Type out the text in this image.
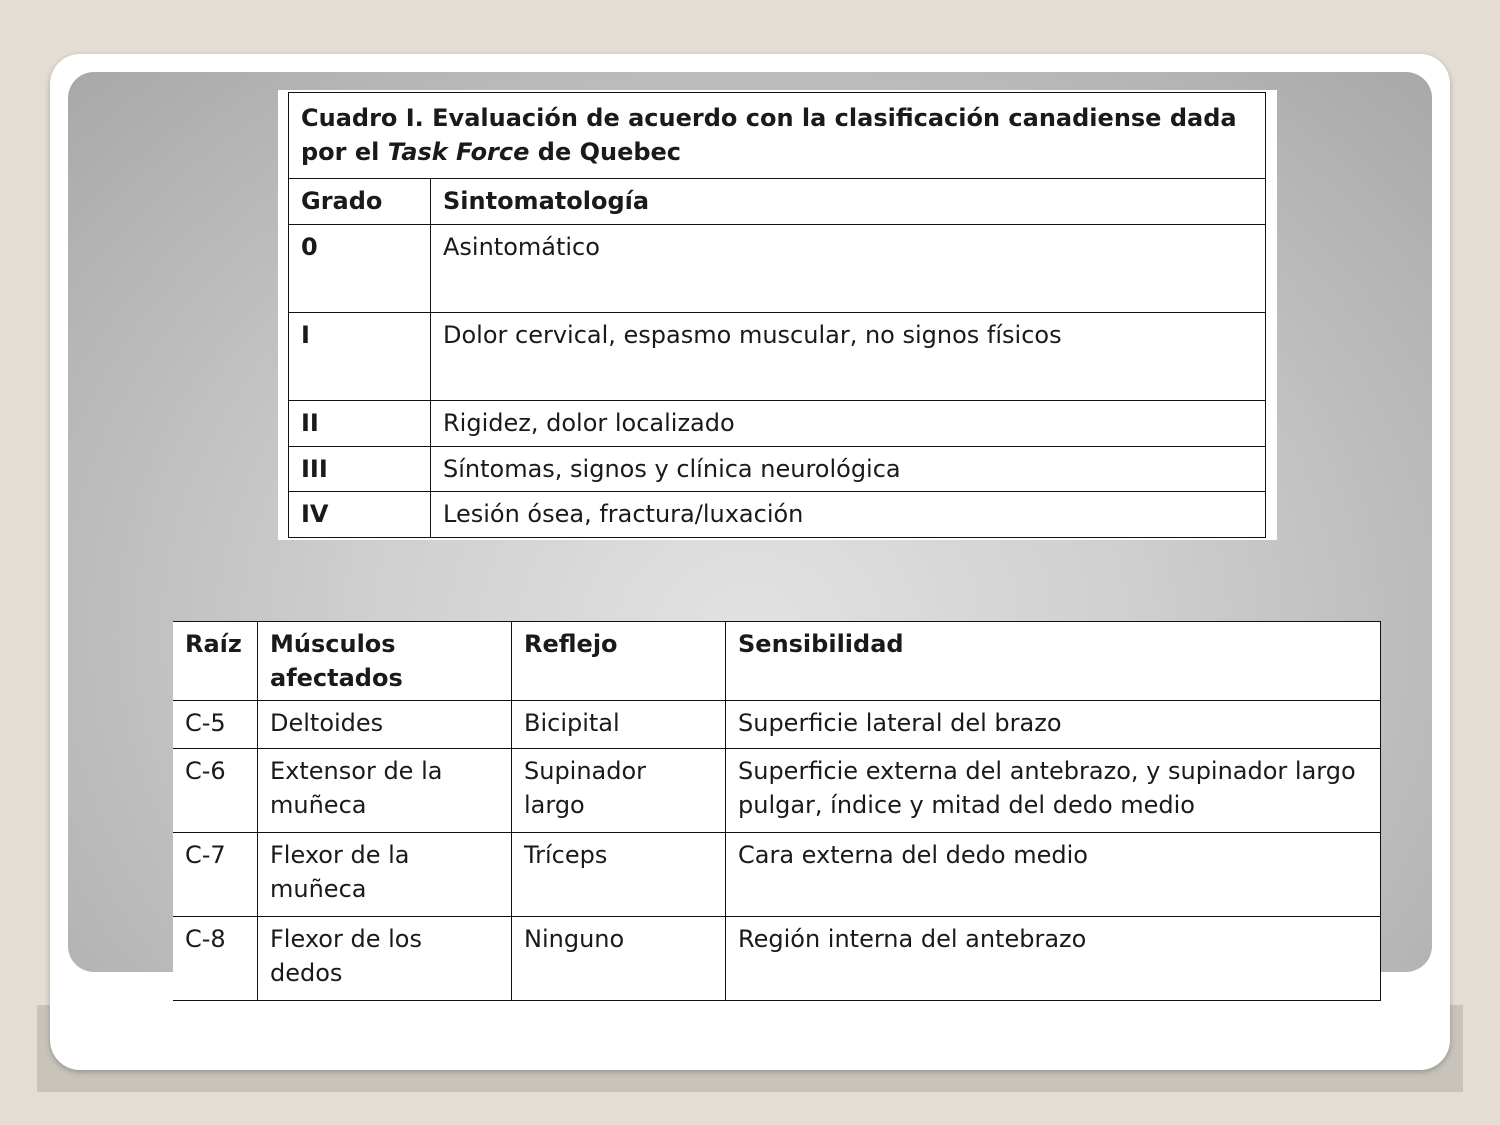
Cuadro I. Evaluación de acuerdo con la clasificación canadiense dada por el Task Force de Quebec	
Grado	Sintomatología
0	Asintomático
I	Dolor cervical, espasmo muscular, no signos físicos
II	Rigidez, dolor localizado
III	Síntomas, signos y clínica neurológica
IV	Lesión ósea, fractura/luxación
Raíz	Músculos afectados	Reflejo	Sensibilidad
C-5	Deltoides	Bicipital	Superficie lateral del brazo
C-6	Extensor de la muñeca	Supinador largo	Superficie externa del antebrazo, y supinador largo pulgar, índice y mitad del dedo medio
C-7	Flexor de la muñeca	Tríceps	Cara externa del dedo medio
C-8	Flexor de los dedos	Ninguno	Región interna del antebrazo
